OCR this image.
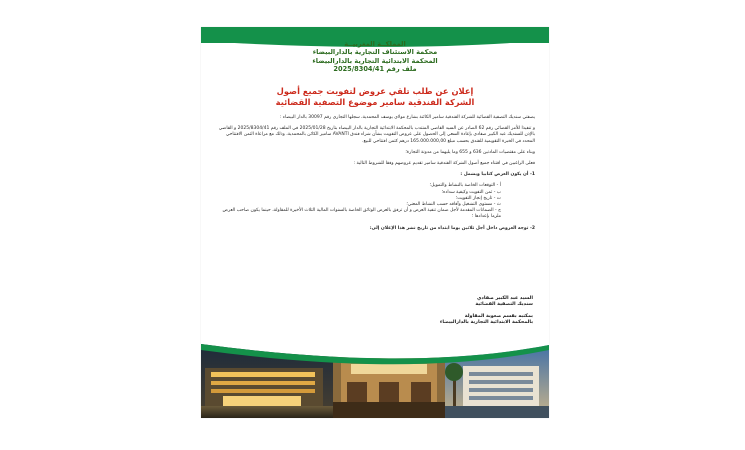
المملكــة المغربيــة
محكمة الاستئناف التجارية بالدارالبيضاء
المحكمة الابتدائية التجارية بالدارالبيضاء
ملف رقم 2025/8304/41
إعلان عن طلب تلقي عروض لتفويت جميع أصول
الشركة الفندقية سامير موضوع التصفية القضائية

يصفتي سنديك التصفية القضائية للشركة الفندقية سامير الكائنة بشارع مولاي يوسف المحمدية، سجلها التجاري رقم 30097 بالدار البيضاء :

و تنفيذا للأمر القضائي رقم 62 الصادر عن السيد القاضي المنتدب بالمحكمة الابتدائية التجارية بالدار البيضاء بتاريخ 2025/01/28 في الملف رقم 2025/8304/41 و القاضي بالإذن للسنديك عبد الكبير صفادي بإعادة السعي إلى الحصول على عروض التفويت بشأن شراء فندق AVANTI سامير الكائن بالمحمدية، وذلك مع مراعاة الثمن الافتتاحي المحدد في الخبرة التقويمية للفندق بحسب مبلغ 165.000.000,00 درهم كثمن افتتاحي للبيع.

وبناء على مقتضيات المادتين 636 و 655 وما يليهما من مدونة التجارة؛

فعلى الراغبين في اقتناء جميع أصول الشركة الفندقية سامير تقديم عروضهم وفقا للشروط التالية :

1- أن يكون العرض كتابيا ويشمل :

أ - التوقعات الخاصة بالنشاط والتمويل؛
ب - ثمن التفويت وكيفية سداده؛
ت - تاريخ إنجاز التفويت؛
ث - مستوى التشغيل وآفاقه حسب النشاط المعني؛
ج - الضمانات المقدمة لأجل ضمان تنفيذ العرض و أن ترفق بالعرض الوثائق الخاصة بالسنوات المالية الثلاث الأخيرة للمقاولة، حينما يكون صاحب العرض ملزما بإعدادها ؛

2- توجه العروض داخل أجل ثلاثين يوما ابتداء من تاريخ نشر هذا الإعلان إلى:

السيد عبد الكبير صفادي
سنديك التصفية القضائية
بمكتبه بقسم صعوبة المقاولة
بالمحكمة الابتدائية التجارية بالدارالبيضاء
